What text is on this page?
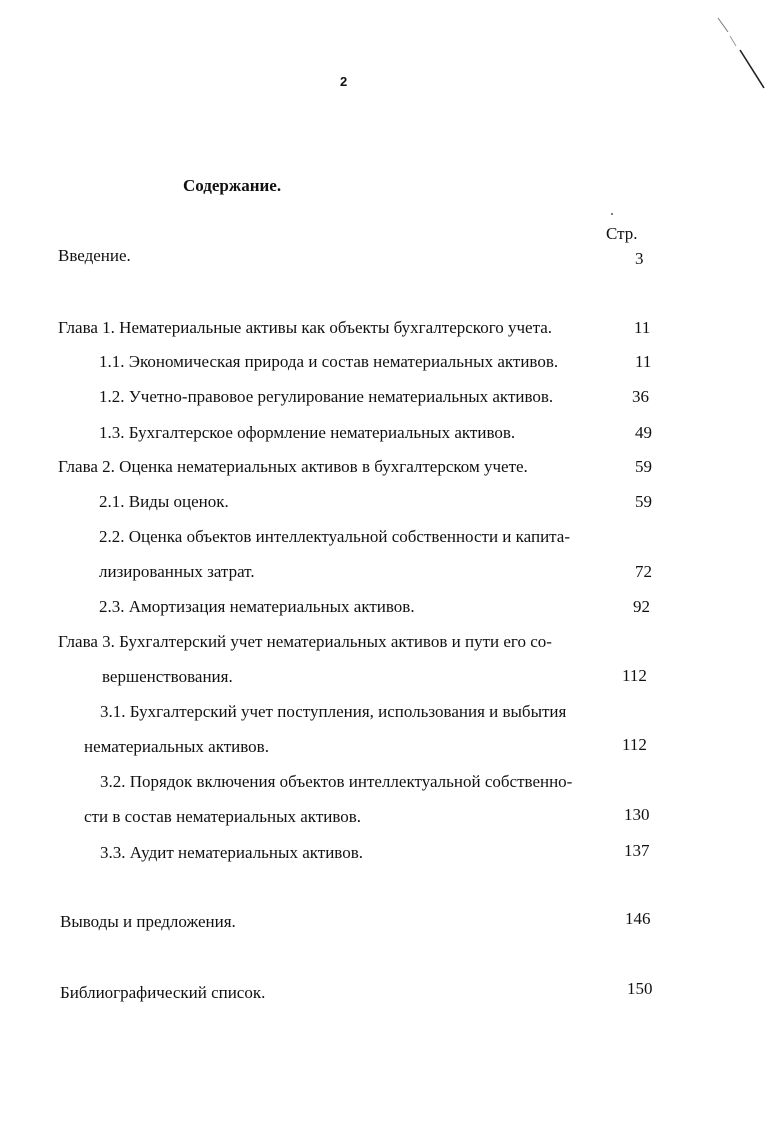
2
Содержание.
Стр.
Введение.	3
Глава 1. Нематериальные активы как объекты бухгалтерского учета.	11
1.1. Экономическая природа и состав нематериальных активов.	11
1.2. Учетно-правовое регулирование нематериальных активов.	36
1.3. Бухгалтерское оформление нематериальных активов.	49
Глава 2. Оценка нематериальных активов в бухгалтерском учете.	59
2.1. Виды оценок.	59
2.2. Оценка объектов интеллектуальной собственности и капита-
лизированных затрат.	72
2.3. Амортизация нематериальных активов.	92
Глава 3. Бухгалтерский учет нематериальных активов и пути его со-
вершенствования.	112
3.1. Бухгалтерский учет поступления, использования и выбытия
нематериальных активов.	112
3.2. Порядок включения объектов интеллектуальной собственно-
сти в состав нематериальных активов.	130
3.3. Аудит нематериальных активов.	137
Выводы и предложения.	146
Библиографический список.	150
